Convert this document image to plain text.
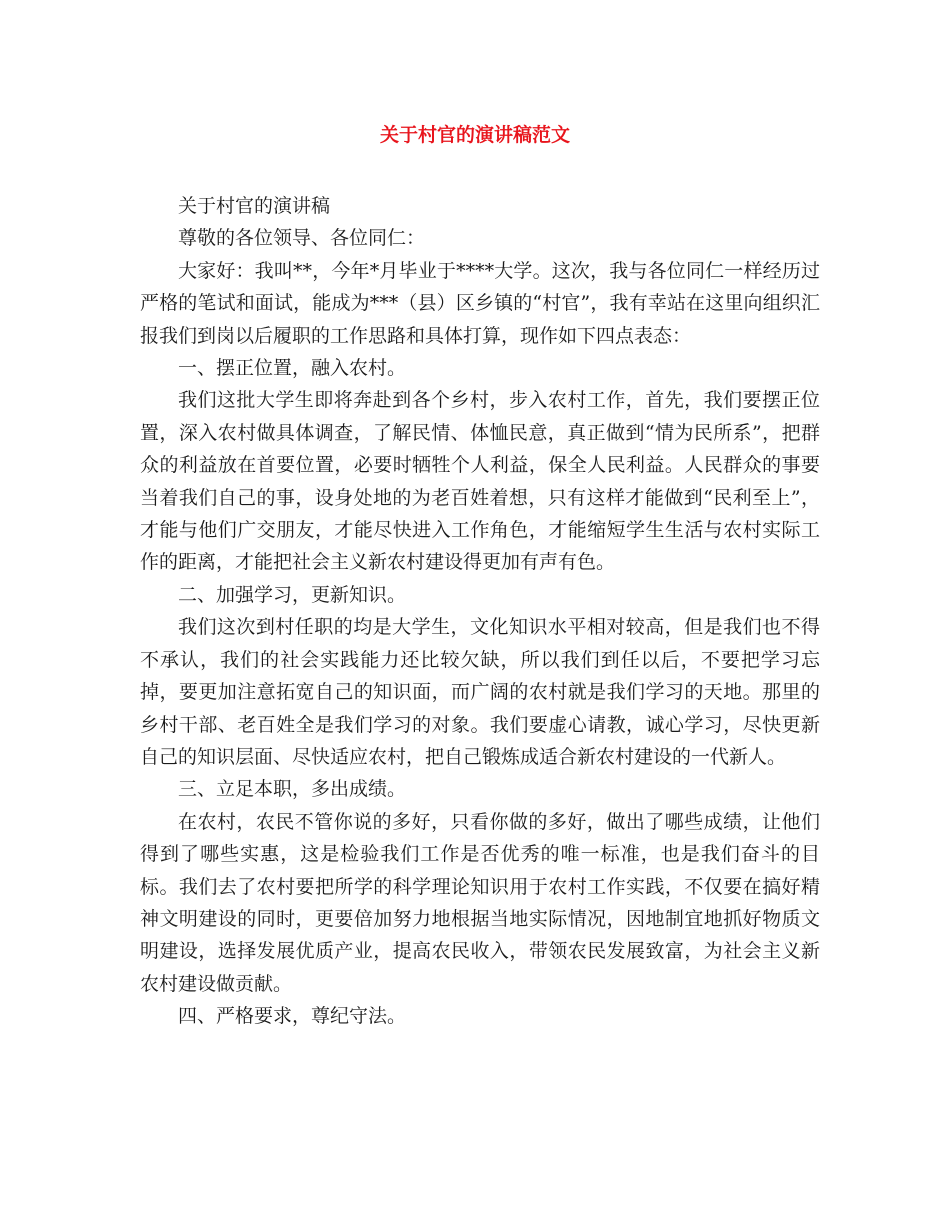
关于村官的演讲稿范文

关于村官的演讲稿

尊敬的各位领导、各位同仁：

大家好：我叫**，今年*月毕业于****大学。这次，我与各位同仁一样经历过严格的笔试和面试，能成为***（县）区乡镇的“村官”，我有幸站在这里向组织汇报我们到岗以后履职的工作思路和具体打算，现作如下四点表态：

一、摆正位置，融入农村。

我们这批大学生即将奔赴到各个乡村，步入农村工作，首先，我们要摆正位置，深入农村做具体调查，了解民情、体恤民意，真正做到“情为民所系”，把群众的利益放在首要位置，必要时牺牲个人利益，保全人民利益。人民群众的事要当着我们自己的事，设身处地的为老百姓着想，只有这样才能做到“民利至上”，才能与他们广交朋友，才能尽快进入工作角色，才能缩短学生生活与农村实际工作的距离，才能把社会主义新农村建设得更加有声有色。

二、加强学习，更新知识。

我们这次到村任职的均是大学生，文化知识水平相对较高，但是我们也不得不承认，我们的社会实践能力还比较欠缺，所以我们到任以后，不要把学习忘掉，要更加注意拓宽自己的知识面，而广阔的农村就是我们学习的天地。那里的乡村干部、老百姓全是我们学习的对象。我们要虚心请教，诚心学习，尽快更新自己的知识层面、尽快适应农村，把自己锻炼成适合新农村建设的一代新人。

三、立足本职，多出成绩。

在农村，农民不管你说的多好，只看你做的多好，做出了哪些成绩，让他们得到了哪些实惠，这是检验我们工作是否优秀的唯一标准，也是我们奋斗的目标。我们去了农村要把所学的科学理论知识用于农村工作实践，不仅要在搞好精神文明建设的同时，更要倍加努力地根据当地实际情况，因地制宜地抓好物质文明建设，选择发展优质产业，提高农民收入，带领农民发展致富，为社会主义新农村建设做贡献。

四、严格要求，尊纪守法。
